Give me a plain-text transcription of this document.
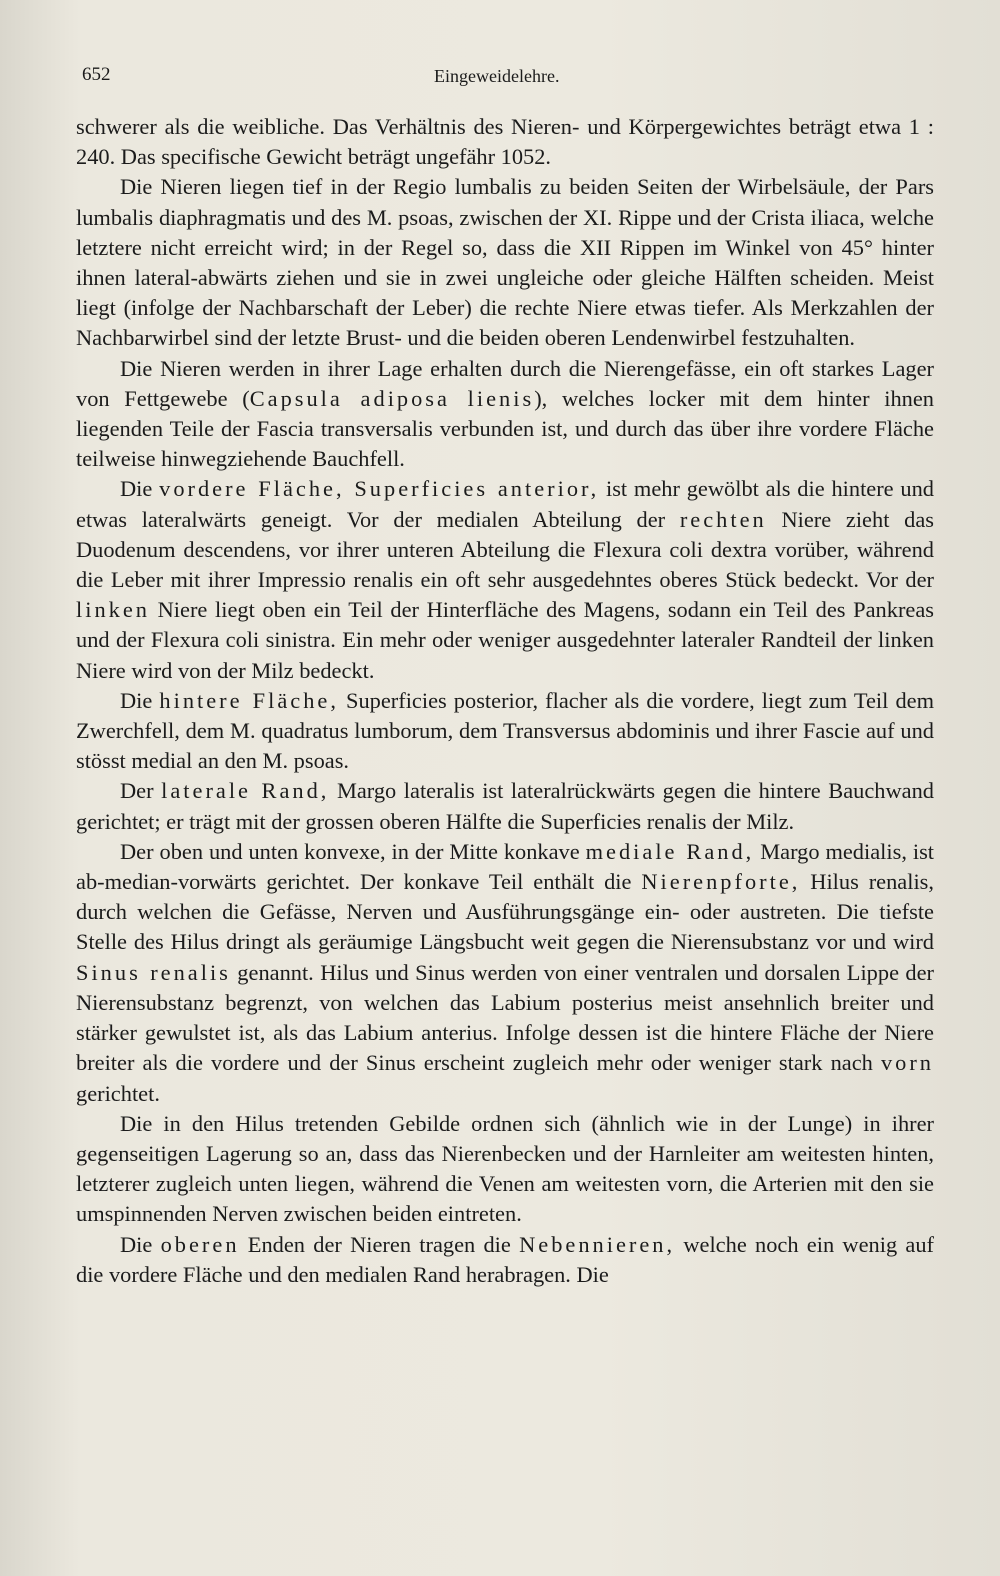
652	Eingeweidelehre.

schwerer als die weibliche. Das Verhältnis des Nieren- und Körpergewichtes beträgt etwa 1 : 240. Das specifische Gewicht beträgt ungefähr 1052.

Die Nieren liegen tief in der Regio lumbalis zu beiden Seiten der Wirbelsäule, der Pars lumbalis diaphragmatis und des M. psoas, zwischen der XI. Rippe und der Crista iliaca, welche letztere nicht erreicht wird; in der Regel so, dass die XII Rippen im Winkel von 45° hinter ihnen lateral-abwärts ziehen und sie in zwei ungleiche oder gleiche Hälften scheiden. Meist liegt (infolge der Nachbarschaft der Leber) die rechte Niere etwas tiefer. Als Merkzahlen der Nachbarwirbel sind der letzte Brust- und die beiden oberen Lendenwirbel festzuhalten.

Die Nieren werden in ihrer Lage erhalten durch die Nierengefässe, ein oft starkes Lager von Fettgewebe (Capsula adiposa lienis), welches locker mit dem hinter ihnen liegenden Teile der Fascia transversalis verbunden ist, und durch das über ihre vordere Fläche teilweise hinwegziehende Bauchfell.

Die vordere Fläche, Superficies anterior, ist mehr gewölbt als die hintere und etwas lateralwärts geneigt. Vor der medialen Abteilung der rechten Niere zieht das Duodenum descendens, vor ihrer unteren Abteilung die Flexura coli dextra vorüber, während die Leber mit ihrer Impressio renalis ein oft sehr ausgedehntes oberes Stück bedeckt. Vor der linken Niere liegt oben ein Teil der Hinterfläche des Magens, sodann ein Teil des Pankreas und der Flexura coli sinistra. Ein mehr oder weniger ausgedehnter lateraler Randteil der linken Niere wird von der Milz bedeckt.

Die hintere Fläche, Superficies posterior, flacher als die vordere, liegt zum Teil dem Zwerchfell, dem M. quadratus lumborum, dem Transversus abdominis und ihrer Fascie auf und stösst medial an den M. psoas.

Der laterale Rand, Margo lateralis ist lateralrückwärts gegen die hintere Bauchwand gerichtet; er trägt mit der grossen oberen Hälfte die Superficies renalis der Milz.

Der oben und unten konvexe, in der Mitte konkave mediale Rand, Margo medialis, ist ab-median-vorwärts gerichtet. Der konkave Teil enthält die Nierenpforte, Hilus renalis, durch welchen die Gefässe, Nerven und Ausführungsgänge ein- oder austreten. Die tiefste Stelle des Hilus dringt als geräumige Längsbucht weit gegen die Nierensubstanz vor und wird Sinus renalis genannt. Hilus und Sinus werden von einer ventralen und dorsalen Lippe der Nierensubstanz begrenzt, von welchen das Labium posterius meist ansehnlich breiter und stärker gewulstet ist, als das Labium anterius. Infolge dessen ist die hintere Fläche der Niere breiter als die vordere und der Sinus erscheint zugleich mehr oder weniger stark nach vorn gerichtet.

Die in den Hilus tretenden Gebilde ordnen sich (ähnlich wie in der Lunge) in ihrer gegenseitigen Lagerung so an, dass das Nierenbecken und der Harnleiter am weitesten hinten, letzterer zugleich unten liegen, während die Venen am weitesten vorn, die Arterien mit den sie umspinnenden Nerven zwischen beiden eintreten.

Die oberen Enden der Nieren tragen die Nebennieren, welche noch ein wenig auf die vordere Fläche und den medialen Rand herabragen. Die
